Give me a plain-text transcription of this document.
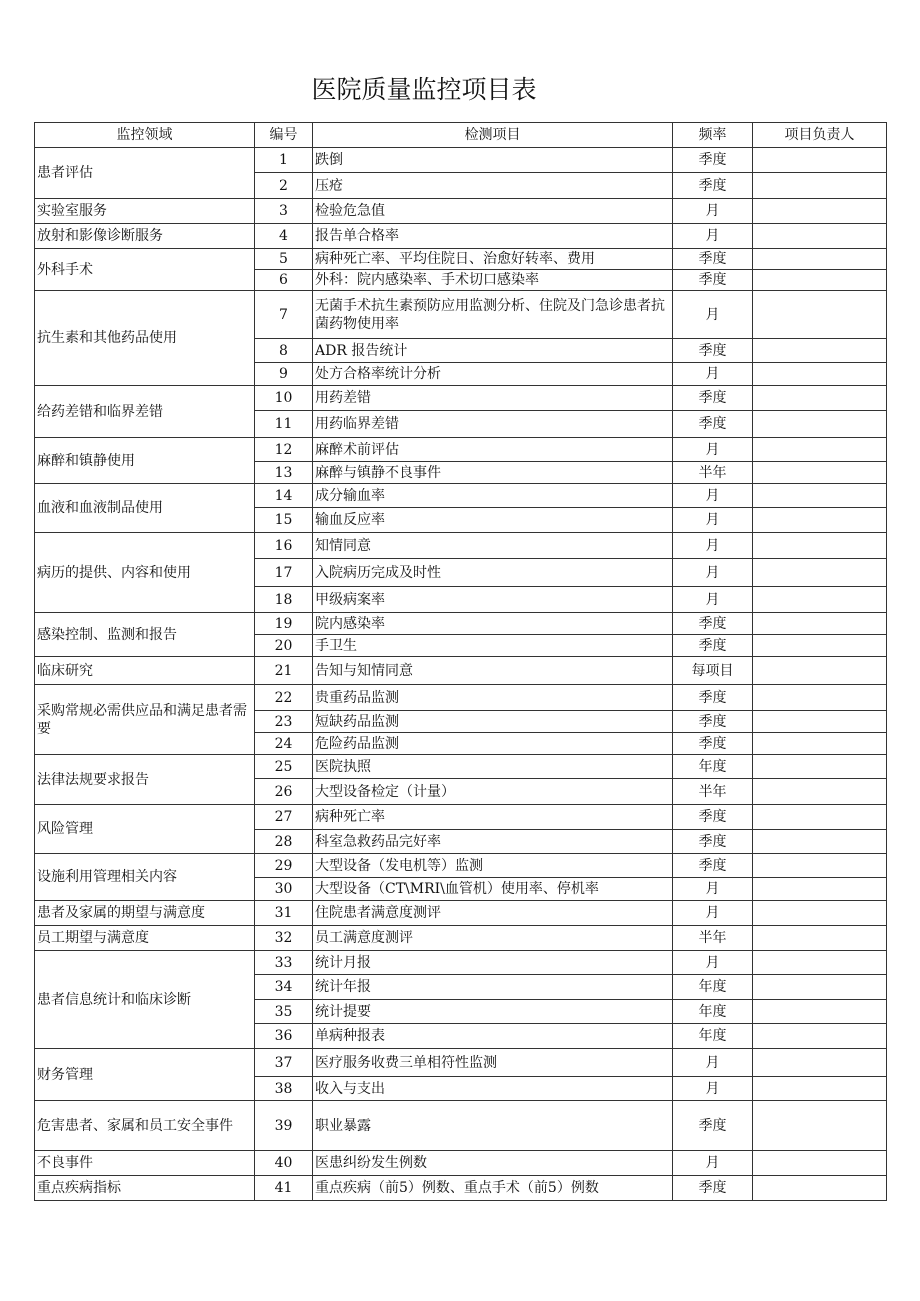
医院质量监控项目表
监控领域	编号	检测项目	频率	项目负责人
患者评估	1	跌倒	季度	
	2	压疮	季度	
实验室服务	3	检验危急值	月	
放射和影像诊断服务	4	报告单合格率	月	
外科手术	5	病种死亡率、平均住院日、治愈好转率、费用	季度	
	6	外科：院内感染率、手术切口感染率	季度	
抗生素和其他药品使用	7	无菌手术抗生素预防应用监测分析、住院及门急诊患者抗菌药物使用率	月	
	8	ADR 报告统计	季度	
	9	处方合格率统计分析	月	
给药差错和临界差错	10	用药差错	季度	
	11	用药临界差错	季度	
麻醉和镇静使用	12	麻醉术前评估	月	
	13	麻醉与镇静不良事件	半年	
血液和血液制品使用	14	成分输血率	月	
	15	输血反应率	月	
病历的提供、内容和使用	16	知情同意	月	
	17	入院病历完成及时性	月	
	18	甲级病案率	月	
感染控制、监测和报告	19	院内感染率	季度	
	20	手卫生	季度	
临床研究	21	告知与知情同意	每项目	
采购常规必需供应品和满足患者需要	22	贵重药品监测	季度	
	23	短缺药品监测	季度	
	24	危险药品监测	季度	
法律法规要求报告	25	医院执照	年度	
	26	大型设备检定（计量）	半年	
风险管理	27	病种死亡率	季度	
	28	科室急救药品完好率	季度	
设施利用管理相关内容	29	大型设备（发电机等）监测	季度	
	30	大型设备（CT\MRI\血管机）使用率、停机率	月	
患者及家属的期望与满意度	31	住院患者满意度测评	月	
员工期望与满意度	32	员工满意度测评	半年	
患者信息统计和临床诊断	33	统计月报	月	
	34	统计年报	年度	
	35	统计提要	年度	
	36	单病种报表	年度	
财务管理	37	医疗服务收费三单相符性监测	月	
	38	收入与支出	月	
危害患者、家属和员工安全事件	39	职业暴露	季度	
不良事件	40	医患纠纷发生例数	月	
重点疾病指标	41	重点疾病（前5）例数、重点手术（前5）例数	季度	
